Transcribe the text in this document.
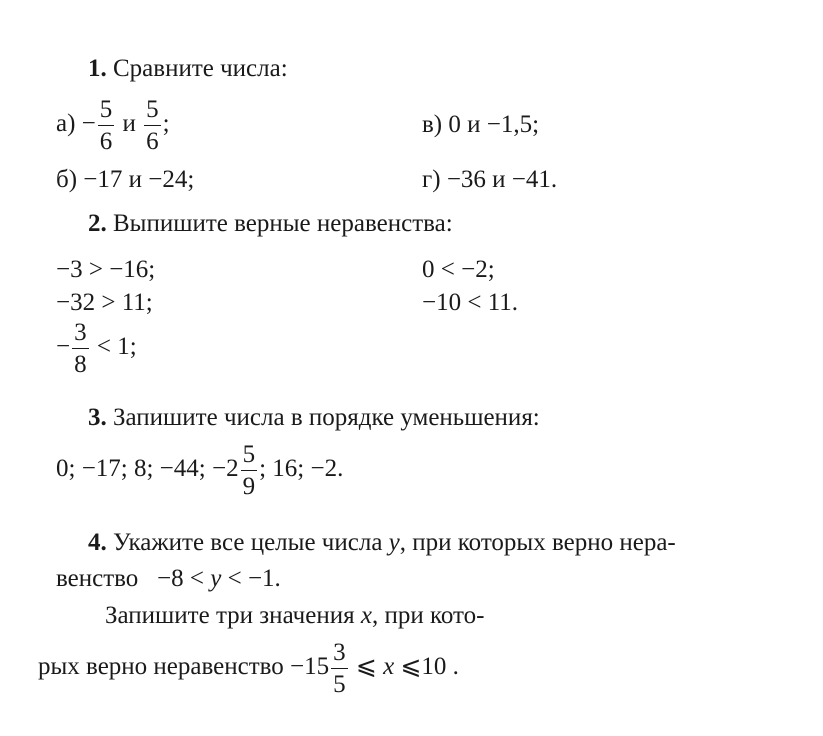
1. Сравните числа:
$а) - \frac{5}{6}$ и $\frac{5}{6}$ ;	в) 0 и −1,5;
б) −17 и −24;	г) −36 и −41.
2. Выпишите верные неравенства:
−3 > −16;	0 < −2;
−32 > 11;	−10 < 11.
− $\frac{3}{8} < 1$;
3. Запишите числа в порядке уменьшения:
0; −17; 8; −44; $-2 \frac{5}{9}$ ; 16; −2.
4. Укажите все целые числа y, при которых верно нера-
венство   −8 < y < −1.
Запишите три значения x, при кото-
рых верно неравенство $-15 \frac{3}{5}$ ⩽ x ⩽10 .
